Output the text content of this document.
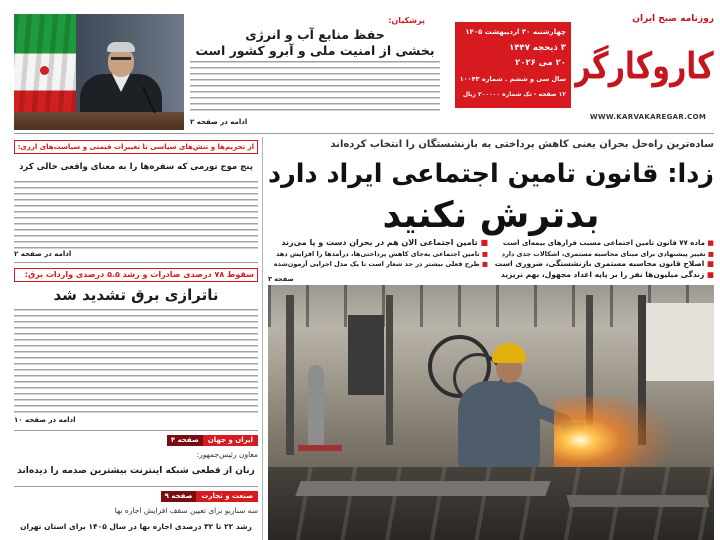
پزشکیان:
حفظ منابع آب و انرژی
بخشی از امنیت ملی و آبرو کشور است
ادامه در صفحه ۲
چهارشنبه ۳۰ اردیبهشت ۱۴۰۵
۳ ذیحجه ۱۴۴۷
۲۰ می ۲۰۲۶
سال سی و ششم . شماره ۱۰۰۴۳
۱۲ صفحه - تک شماره ۲۰۰۰۰۰ ریال
روزنامه صبح ایران
کاروکارگر
WWW.KARVAKAREGAR.COM
از تحریم‌ها و تنش‌های سیاسی تا تغییرات قیمتی و سیاست‌های ارزی:
پنج موج تورمی که سفره‌ها را به معنای واقعی خالی کرد
ادامه در صفحه ۲
سقوط ۷۸ درصدی صادرات و رشد ۵.۵ درصدی واردات برق:
ناترازی برق تشدید شد
ادامه در صفحه ۱۰
ایران و جهان
صفحه ۴
معاون رئیس‌جمهور:
زنان از قطعی شبکه اینترنت بیشترین صدمه را دیده‌اند
صنعت و تجارت
صفحه ۹
سه سناریو برای تعیین سقف افزایش اجاره بها
رشد ۲۲ تا ۳۲ درصدی اجاره بها در سال ۱۴۰۵ برای استان تهران
ساده‌ترین راه‌حل بحران یعنی کاهش پرداختی به بازنشستگان را انتخاب کرده‌اند
زدا: قانون تامین اجتماعی ایراد دارد
بدترش نکنید
■ ماده ۷۷ قانون تامین اجتماعی مسبب فرارهای بیمه‌ای است
■ تغییر پیشنهادی برای مبنای محاسبه مستمری، اشکالات جدی دارد
■ اصلاح قانون محاسبه مستمری بازنشستگی، ضروری است
■ زندگی میلیون‌ها نفر را بر پایه اعداد مجهول، بهم نریزید
■ تامین اجتماعی الان هم در بحران دست و پا می‌زند
■ تامین اجتماعی به‌جای کاهش پرداختی‌ها، درآمدها را افزایش دهد
■ طرح فعلی بیشتر در حد شعار است تا یک مدل اجرایی آزمون‌شده
صفحه ۳
